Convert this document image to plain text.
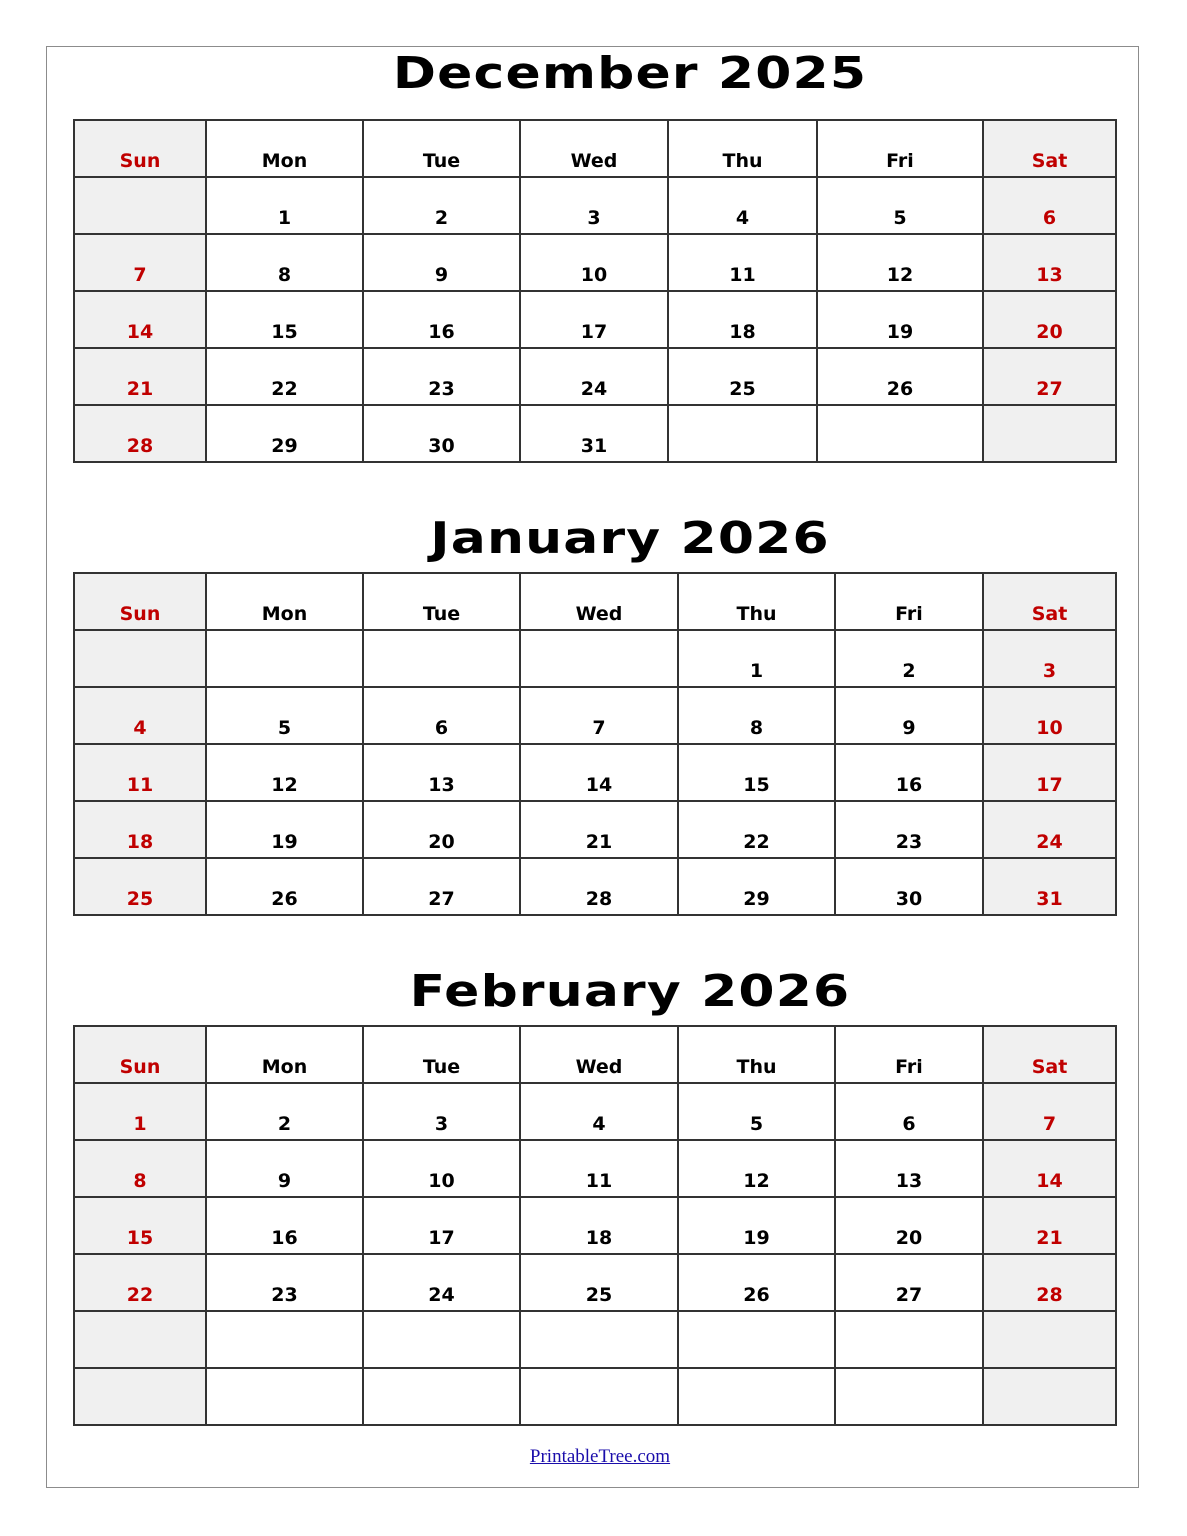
December 2025
Sun	Mon	Tue	Wed	Thu	Fri	Sat
	1	2	3	4	5	6
7	8	9	10	11	12	13
14	15	16	17	18	19	20
21	22	23	24	25	26	27
28	29	30	31			
January 2026
Sun	Mon	Tue	Wed	Thu	Fri	Sat
				1	2	3
4	5	6	7	8	9	10
11	12	13	14	15	16	17
18	19	20	21	22	23	24
25	26	27	28	29	30	31
February 2026
Sun	Mon	Tue	Wed	Thu	Fri	Sat
1	2	3	4	5	6	7
8	9	10	11	12	13	14
15	16	17	18	19	20	21
22	23	24	25	26	27	28

PrintableTree.com
